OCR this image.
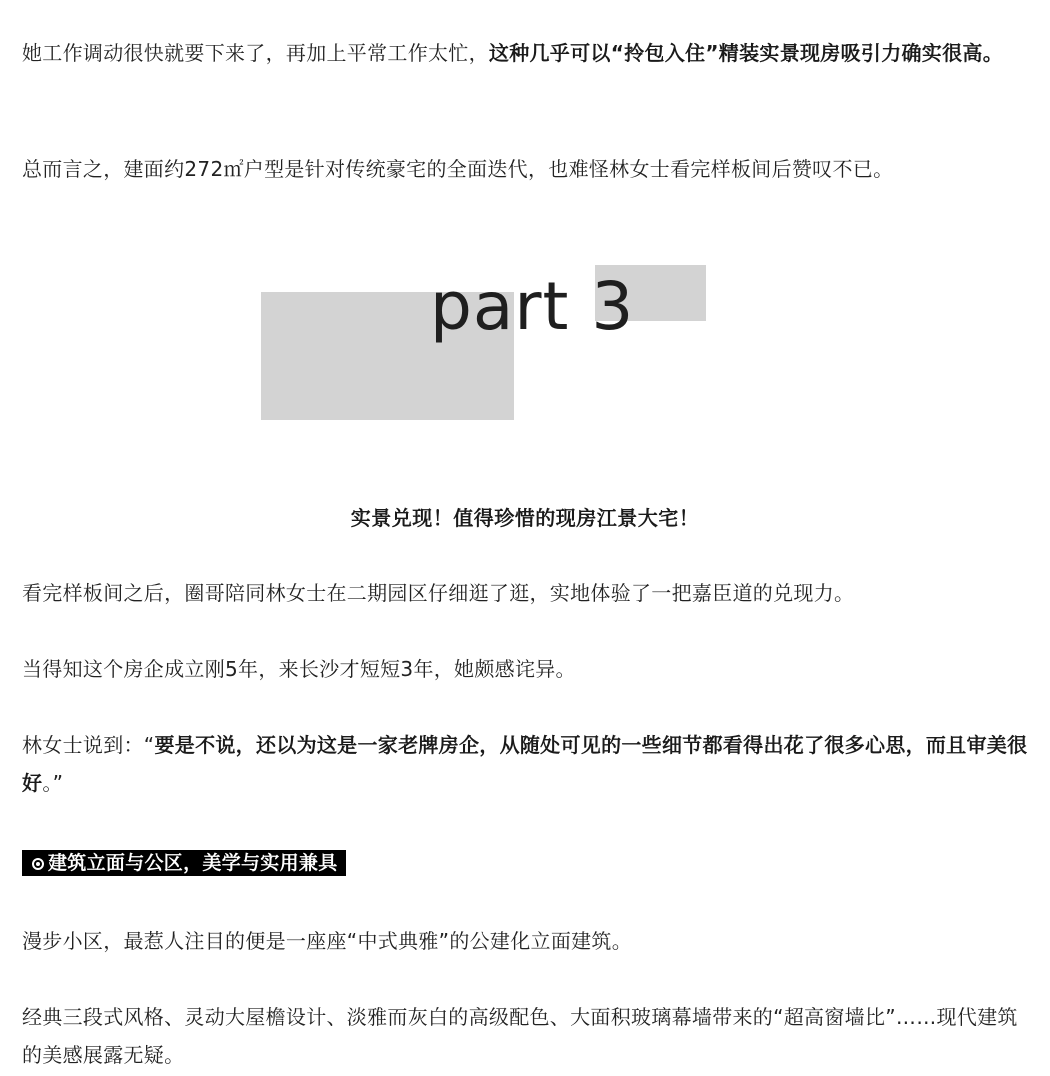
她工作调动很快就要下来了，再加上平常工作太忙，这种几乎可以“拎包入住”精装实景现房吸引力确实很高。

总而言之，建面约272㎡户型是针对传统豪宅的全面迭代，也难怪林女士看完样板间后赞叹不已。

part 3
实景兑现！值得珍惜的现房江景大宅！

看完样板间之后，圈哥陪同林女士在二期园区仔细逛了逛，实地体验了一把嘉臣道的兑现力。

当得知这个房企成立刚5年，来长沙才短短3年，她颇感诧异。

林女士说到：“要是不说，还以为这是一家老牌房企，从随处可见的一些细节都看得出花了很多心思，而且审美很好。”

建筑立面与公区，美学与实用兼具

漫步小区，最惹人注目的便是一座座“中式典雅”的公建化立面建筑。

经典三段式风格、灵动大屋檐设计、淡雅而灰白的高级配色、大面积玻璃幕墙带来的“超高窗墙比”……现代建筑的美感展露无疑。
